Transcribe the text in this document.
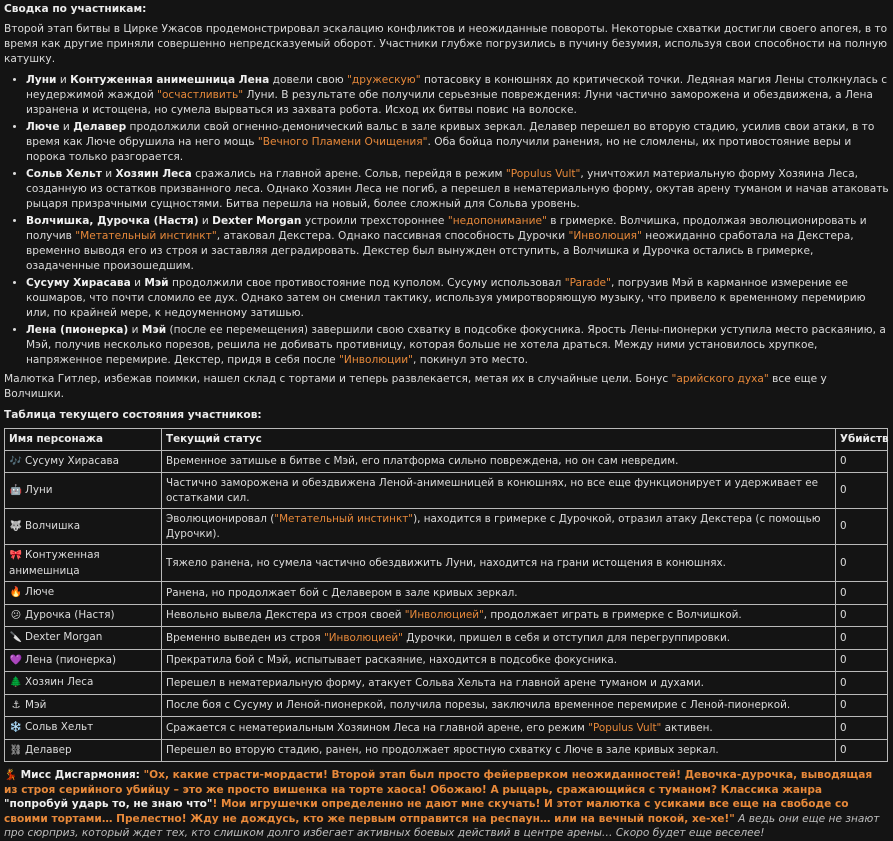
Сводка по участникам:

Второй этап битвы в Цирке Ужасов продемонстрировал эскалацию конфликтов и неожиданные повороты. Некоторые схватки достигли своего апогея, в то время как другие приняли совершенно непредсказуемый оборот. Участники глубже погрузились в пучину безумия, используя свои способности на полную катушку.

• Луни и Контуженная анимешница Лена довели свою "дружескую" потасовку в конюшнях до критической точки. Ледяная магия Лены столкнулась с неудержимой жаждой "осчастливить" Луни. В результате обе получили серьезные повреждения: Луни частично заморожена и обездвижена, а Лена изранена и истощена, но сумела вырваться из захвата робота. Исход их битвы повис на волоске.
• Люче и Делавер продолжили свой огненно-демонический вальс в зале кривых зеркал. Делавер перешел во вторую стадию, усилив свои атаки, в то время как Люче обрушила на него мощь "Вечного Пламени Очищения". Оба бойца получили ранения, но не сломлены, их противостояние веры и порока только разгорается.
• Сольв Хельт и Хозяин Леса сражались на главной арене. Сольв, перейдя в режим "Populus Vult", уничтожил материальную форму Хозяина Леса, созданную из остатков призванного леса. Однако Хозяин Леса не погиб, а перешел в нематериальную форму, окутав арену туманом и начав атаковать рыцаря призрачными сущностями. Битва перешла на новый, более сложный для Сольва уровень.
• Волчишка, Дурочка (Настя) и Dexter Morgan устроили трехстороннее "недопонимание" в гримерке. Волчишка, продолжая эволюционировать и получив "Метательный инстинкт", атаковал Декстера. Однако пассивная способность Дурочки "Инволюция" неожиданно сработала на Декстера, временно выводя его из строя и заставляя деградировать. Декстер был вынужден отступить, а Волчишка и Дурочка остались в гримерке, озадаченные произошедшим.
• Сусуму Хирасава и Мэй продолжили свое противостояние под куполом. Сусуму использовал "Parade", погрузив Мэй в карманное измерение ее кошмаров, что почти сломило ее дух. Однако затем он сменил тактику, используя умиротворяющую музыку, что привело к временному перемирию или, по крайней мере, к недоуменному затишью.
• Лена (пионерка) и Мэй (после ее перемещения) завершили свою схватку в подсобке фокусника. Ярость Лены-пионерки уступила место раскаянию, а Мэй, получив несколько порезов, решила не добивать противницу, которая больше не хотела драться. Между ними установилось хрупкое, напряженное перемирие. Декстер, придя в себя после "Инволюции", покинул это место.

Малютка Гитлер, избежав поимки, нашел склад с тортами и теперь развлекается, метая их в случайные цели. Бонус "арийского духа" все еще у Волчишки.

Таблица текущего состояния участников:
Имя персонажа	Текущий статус	Убийств
🎶 Сусуму Хирасава	Временное затишье в битве с Мэй, его платформа сильно повреждена, но он сам невредим.	0
🤖 Луни	Частично заморожена и обездвижена Леной-анимешницей в конюшнях, но все еще функционирует и удерживает ее остатками сил.	0
🐺 Волчишка	Эволюционировал ("Метательный инстинкт"), находится в гримерке с Дурочкой, отразил атаку Декстера (с помощью Дурочки).	0
🎀 Контуженная анимешница	Тяжело ранена, но сумела частично обездвижить Луни, находится на грани истощения в конюшнях.	0
🔥 Люче	Ранена, но продолжает бой с Делавером в зале кривых зеркал.	0
😕 Дурочка (Настя)	Невольно вывела Декстера из строя своей "Инволюцией", продолжает играть в гримерке с Волчишкой.	0
🔪 Dexter Morgan	Временно выведен из строя "Инволюцией" Дурочки, пришел в себя и отступил для перегруппировки.	0
💜 Лена (пионерка)	Прекратила бой с Мэй, испытывает раскаяние, находится в подсобке фокусника.	0
🌲 Хозяин Леса	Перешел в нематериальную форму, атакует Сольва Хельта на главной арене туманом и духами.	0
⚓ Мэй	После боя с Сусуму и Леной-пионеркой, получила порезы, заключила временное перемирие с Леной-пионеркой.	0
❄️ Сольв Хельт	Сражается с нематериальным Хозяином Леса на главной арене, его режим "Populus Vult" активен.	0
⛓ Делавер	Перешел во вторую стадию, ранен, но продолжает яростную схватку с Люче в зале кривых зеркал.	0

💃 Мисс Дисгармония: "Ох, какие страсти-мордасти! Второй этап был просто фейерверком неожиданностей! Девочка-дурочка, выводящая из строя серийного убийцу – это же просто вишенка на торте хаоса! Обожаю! А рыцарь, сражающийся с туманом? Классика жанра "попробуй ударь то, не знаю что"! Мои игрушечки определенно не дают мне скучать! И этот малютка с усиками все еще на свободе со своими тортами… Прелестно! Жду не дождусь, кто же первым отправится на респаун… или на вечный покой, хе-хе!" А ведь они еще не знают про сюрприз, который ждет тех, кто слишком долго избегает активных боевых действий в центре арены… Скоро будет еще веселее!
